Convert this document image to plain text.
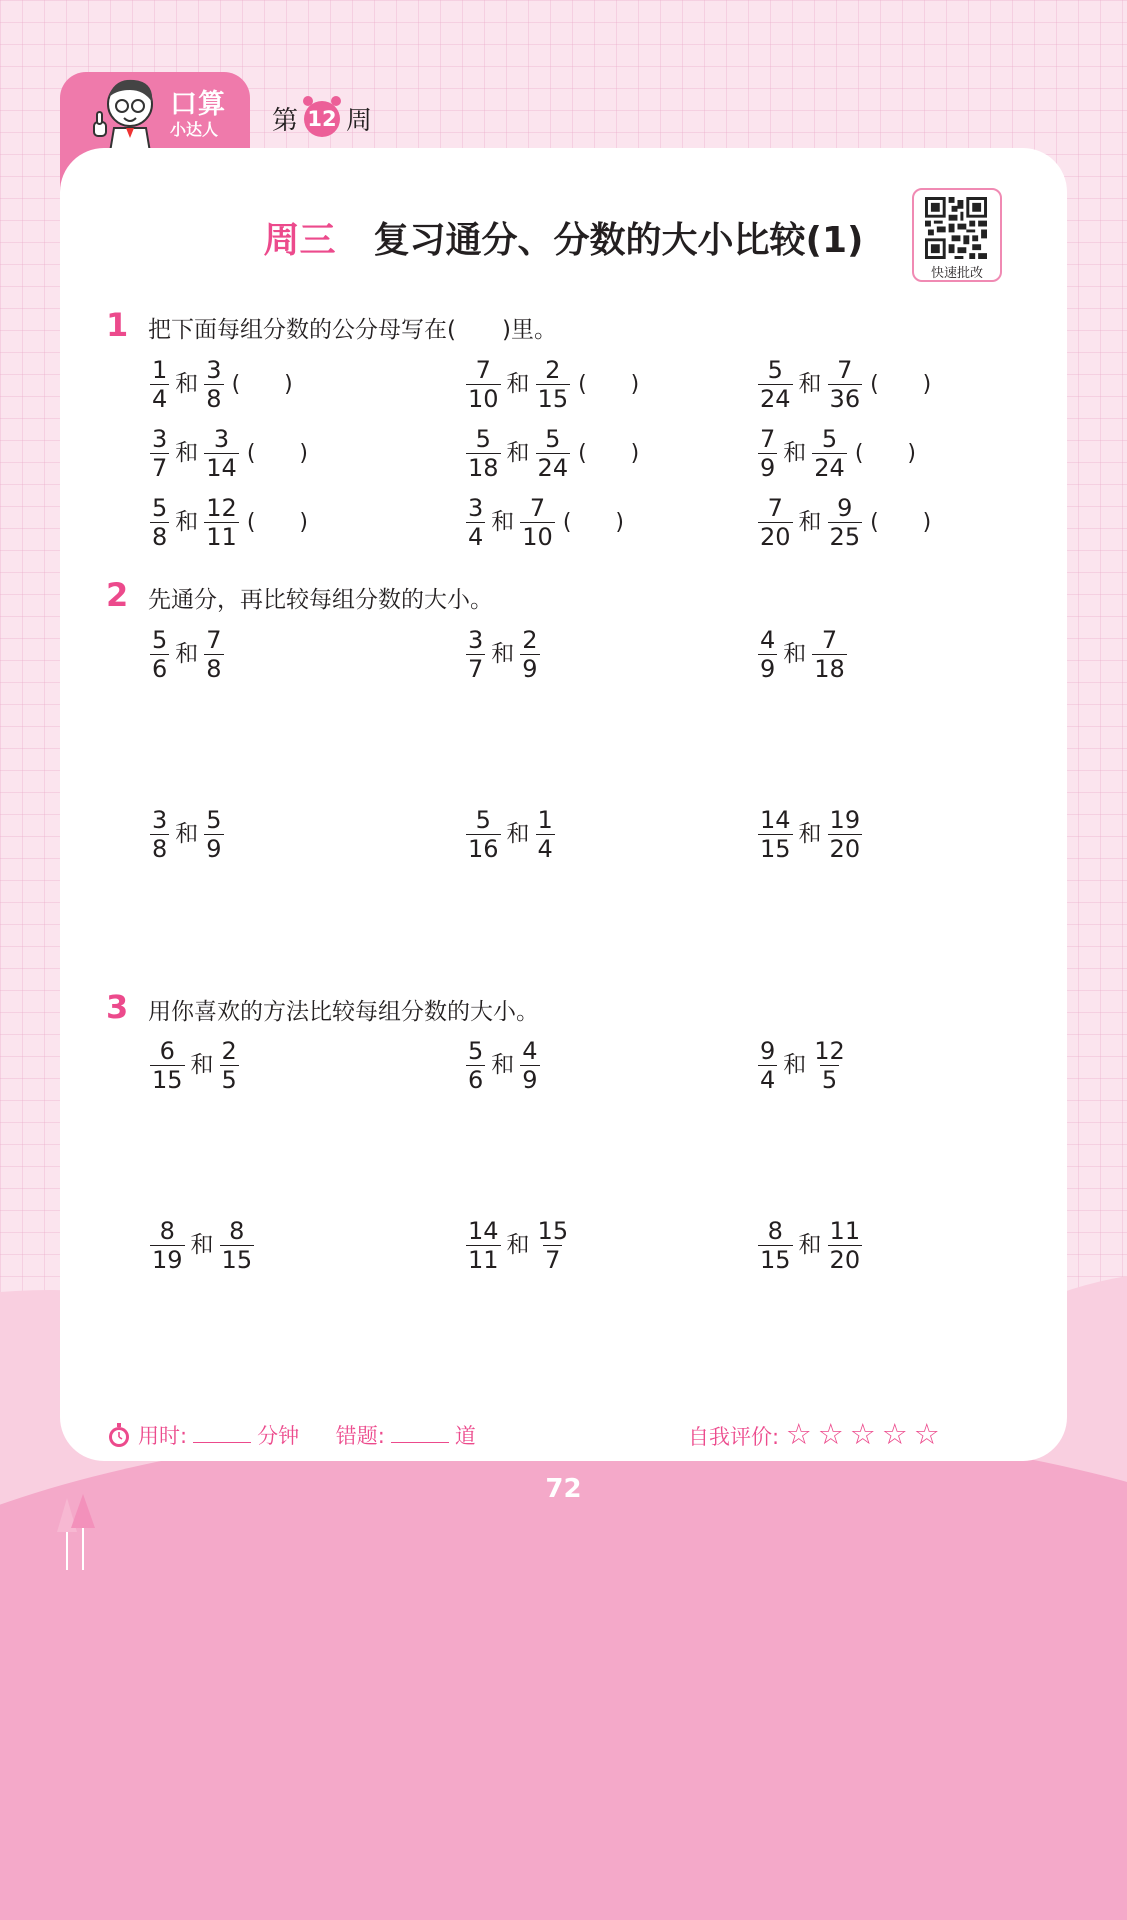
口算
小达人 第 12 周
周三 复习通分、分数的大小比较(1)
快速批改
1 把下面每组分数的公分母写在(　　)里。
2 先通分，再比较每组分数的大小。
3 用你喜欢的方法比较每组分数的大小。
$\frac{1}{4}$ 和 $\frac{3}{8}$ (　　)	$\frac{7}{10}$ 和 $\frac{2}{15}$ (　　)	$\frac{5}{24}$ 和 $\frac{7}{36}$ (　　)
$\frac{3}{7}$ 和 $\frac{3}{14}$ (　　)	$\frac{5}{18}$ 和 $\frac{5}{24}$ (　　)	$\frac{7}{9}$ 和 $\frac{5}{24}$ (　　)
$\frac{5}{8}$ 和 $\frac{12}{11}$ (　　)	$\frac{3}{4}$ 和 $\frac{7}{10}$ (　　)	$\frac{7}{20}$ 和 $\frac{9}{25}$ (　　)
$\frac{5}{6}$ 和 $\frac{7}{8}$	$\frac{3}{7}$ 和 $\frac{2}{9}$	$\frac{4}{9}$ 和 $\frac{7}{18}$
$\frac{3}{8}$ 和 $\frac{5}{9}$	$\frac{5}{16}$ 和 $\frac{1}{4}$	$\frac{14}{15}$ 和 $\frac{19}{20}$
$\frac{6}{15}$ 和 $\frac{2}{5}$	$\frac{5}{6}$ 和 $\frac{4}{9}$	$\frac{9}{4}$ 和 $\frac{12}{5}$
$\frac{8}{19}$ 和 $\frac{8}{15}$	$\frac{14}{11}$ 和 $\frac{15}{7}$	$\frac{8}{15}$ 和 $\frac{11}{20}$
用时:	分钟 错题:	道	自我评价: ☆☆☆☆☆
72
